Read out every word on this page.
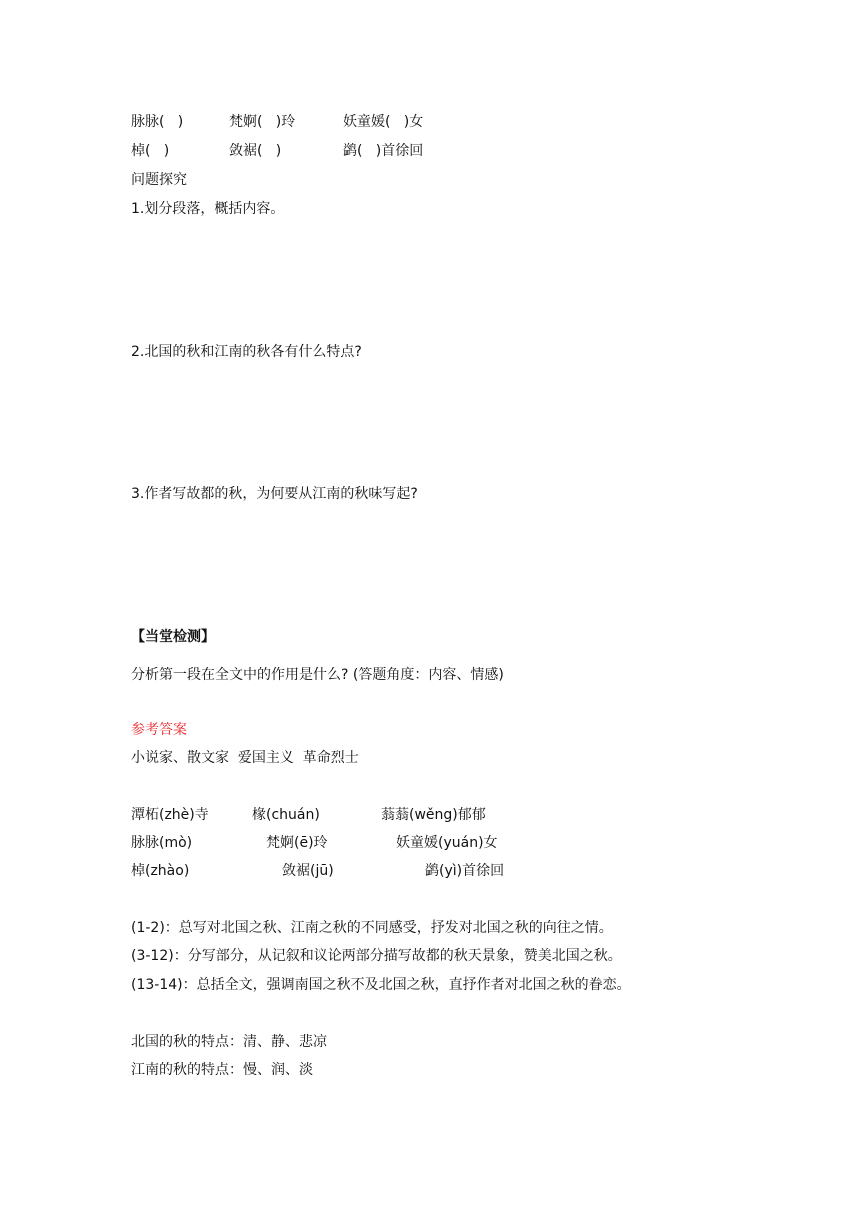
脉脉(   )	梵婀(   )玲	妖童媛(   )女
棹(   )	敛裾(   )	鹢(   )首徐回
问题探究
1.划分段落，概括内容。
2.北国的秋和江南的秋各有什么特点?
3.作者写故都的秋，为何要从江南的秋味写起?
【当堂检测】
分析第一段在全文中的作用是什么? (答题角度：内容、情感)
参考答案
小说家、散文家  爱国主义  革命烈士
潭柘(zhè)寺	椽(chuán)	蓊蓊(wěng)郁郁
脉脉(mò)	梵婀(ē)玲	妖童媛(yuán)女
棹(zhào)	敛裾(jū)	鹢(yì)首徐回
(1-2)：总写对北国之秋、江南之秋的不同感受，抒发对北国之秋的向往之情。
(3-12)：分写部分，从记叙和议论两部分描写故都的秋天景象，赞美北国之秋。
(13-14)：总括全文，强调南国之秋不及北国之秋，直抒作者对北国之秋的眷恋。
北国的秋的特点：清、静、悲凉
江南的秋的特点：慢、润、淡
